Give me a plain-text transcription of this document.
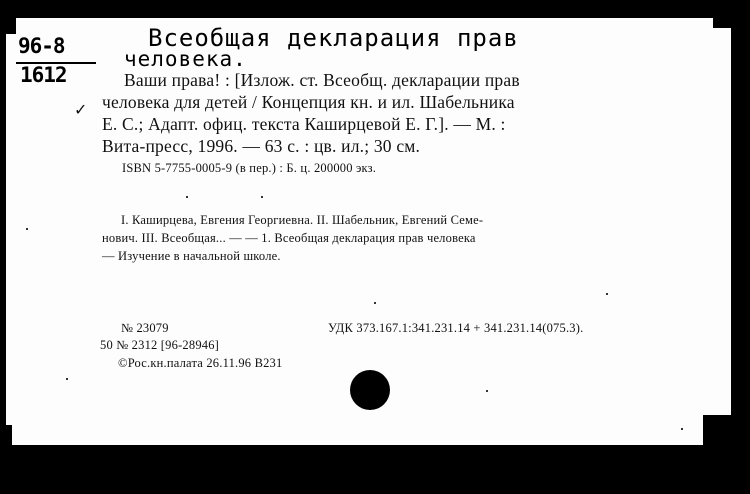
96-8
1612
Всеобщая декларация прав
человека.
✓
Ваши права! : [Излож. ст. Всеобщ. декларации прав
человека для детей / Концепция кн. и ил. Шабельника
Е. С.; Адапт. офиц. текста Каширцевой Е. Г.]. — М. :
Вита-пресс, 1996. — 63 с. : цв. ил.; 30 см.
ISBN 5-7755-0005-9 (в пер.) : Б. ц. 200000 экз.
I. Каширцева, Евгения Георгиевна. II. Шабельник, Евгений Семе-
нович. III. Всеобщая... — — 1. Всеобщая декларация прав человека
— Изучение в начальной школе.
№ 23079
50 № 2312 [96-28946]
©Рос.кн.палата 26.11.96 В231
УДК 373.167.1:341.231.14 + 341.231.14(075.3).
